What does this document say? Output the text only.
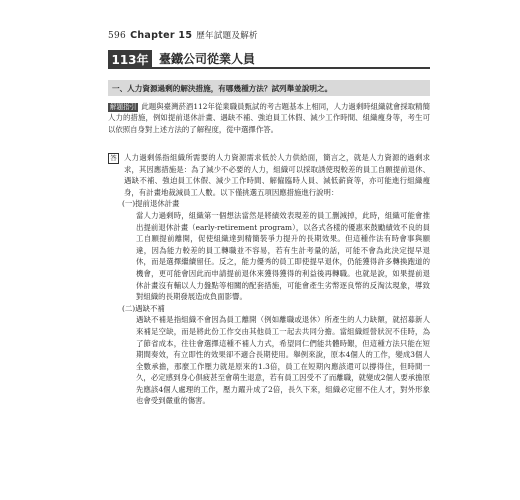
596 Chapter 15 歷年試題及解析
113年 臺鐵公司從業人員
一、人力資源過剩的解決措施，有哪幾種方法？試列舉並說明之。
解題指引 此題與臺灣菸酒112年從業職員甄試的考古題基本上相同，人力過剩時組織就會採取精簡人力的措施，例如提前退休計畫、遇缺不補、強迫員工休假、減少工作時間、組織瘦身等，考生可以依照自身對上述方法的了解程度，從中選擇作答。
答 人力過剩係指組織所需要的人力資源需求低於人力供給面，簡言之，就是人力資源的過剩求求，其因應措施是：為了減少不必要的人力，組織可以採取誘使現較差的員工自願提前退休、遇缺不補、強迫員工休假、減少工作時間、解僱臨時人員、減低薪資等，亦可能進行組織瘦身，有計畫地裁減員工人數。以下僅挑選五項因應措施進行說明：

(一)提前退休計畫

當人力過剩時，組織第一個想法當然是將績效表現差的員工删減掉，此時，組織可能會推出提前退休計畫（early-retirement program），以各式各樣的優惠來鼓勵績效不良的員工自願提前離開，促使組織達到精簡裝爭力提升的長期效果。但這種作法有時會事與願違，因為能力較差的員工轉職並不容易，若有生計考量的話，可能不會為此決定提早退休，而是選擇繼續留任。反之，能力優秀的員工即使提早退休，仍能獲得許多轉換跑道的機會，更可能會因此而申請提前退休來獲得獲得的利益後再轉職。也就是說，如果提前退休計畫沒有輔以人力盤點等相關的配套措施，可能會產生劣幣逐良幣的反淘汰現象，導致對組織的長期發展造成負面影響。

(二)遇缺不補

遇缺不補是指組織不會因為員工離開（例如離職或退休）所產生的人力缺額，就招募新人來補足空缺，而是將此份工作交由其他員工一起去共同分擔。當組織經營狀況不佳時，為了節省成本，往往會選擇這種不補人力式，希望同仁們能共體時艱，但這種方法只能在短期間奏效，有立即性的效果卻不適合長期使用。舉例來說，原本4個人的工作，變成3個人全數承擔，那麼工作壓力就是原來的1.3倍，員工在短期內應該還可以撐得住，但時間一久，必定感到身心俱疲甚至會萌生退意，若有員工因受不了而離職，就變成2個人要承擔原先應該4個人處理的工作，壓力躍升成了2倍，長久下來，組織必定留不住人才，對外形象也會受到嚴重的傷害。
